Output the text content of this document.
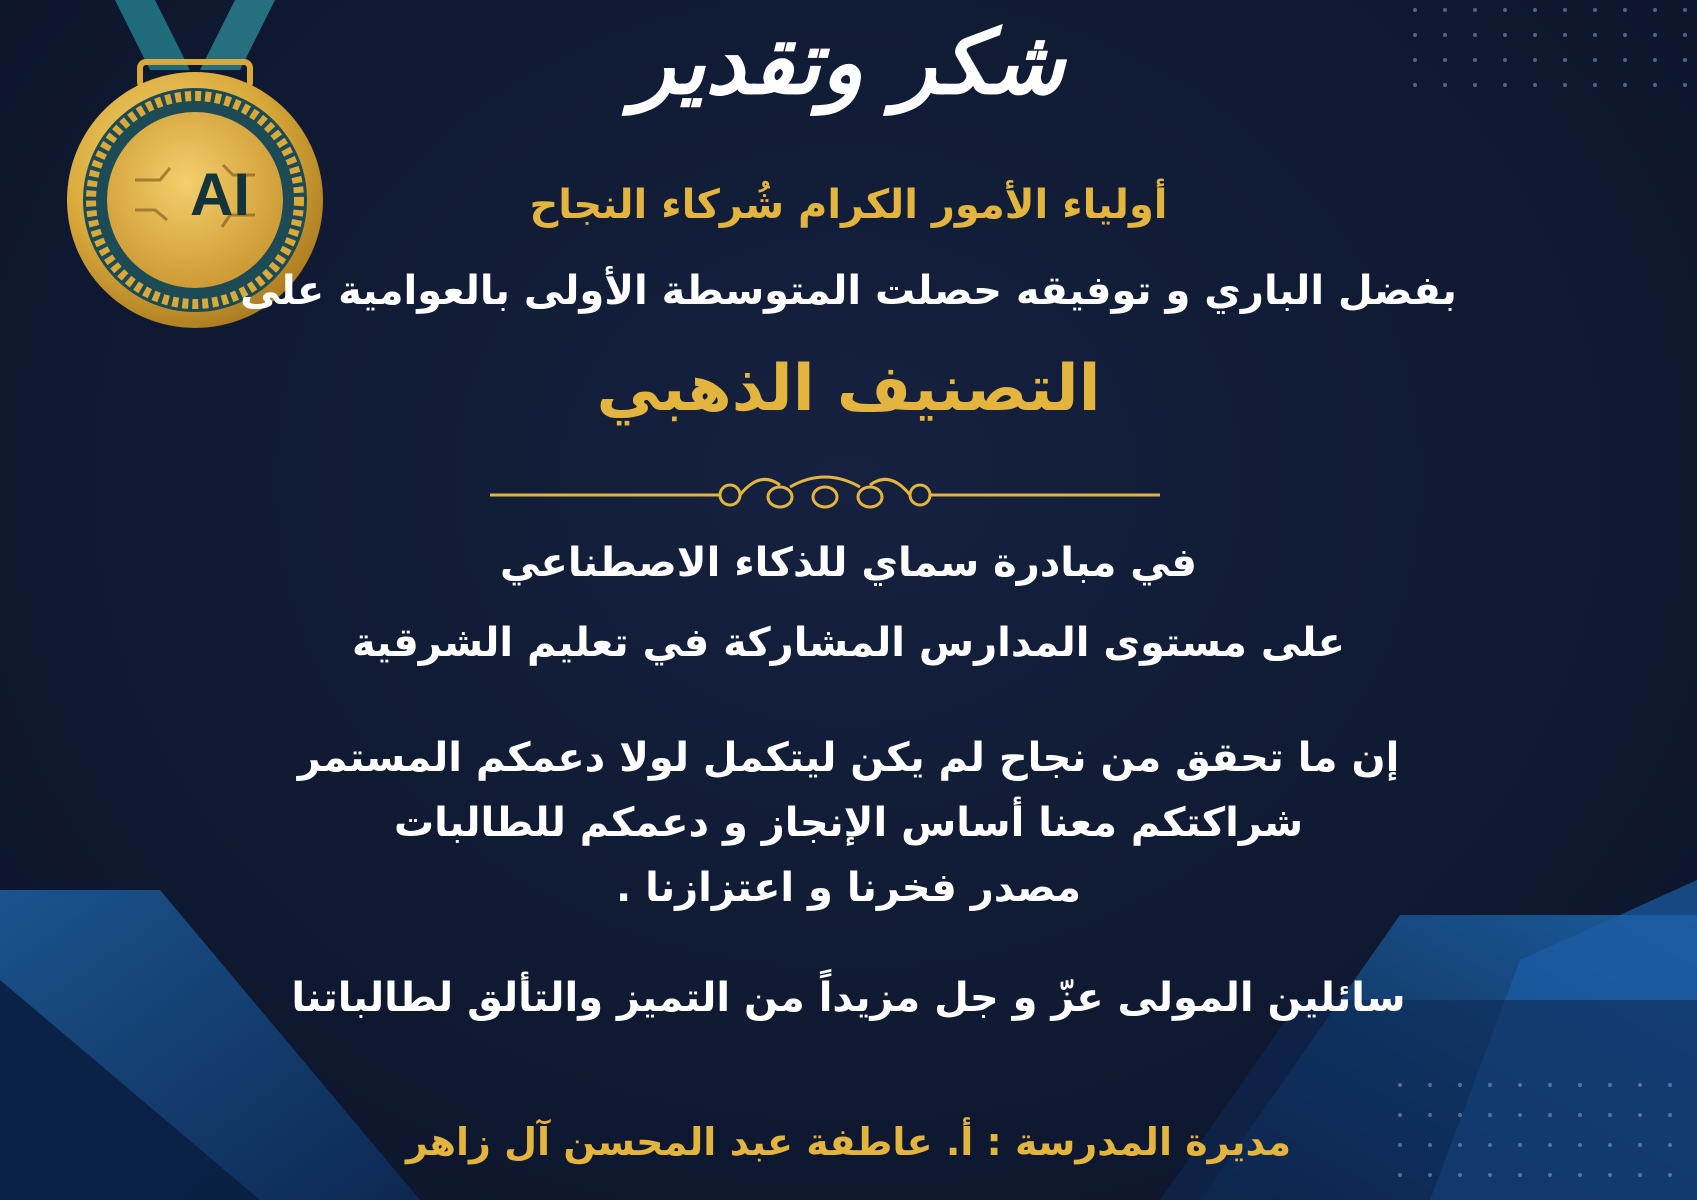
AI
شكر وتقدير
أولياء الأمور الكرام شُركاء النجاح
بفضل الباري و توفيقه حصلت المتوسطة الأولى بالعوامية على
التصنيف الذهبي
في مبادرة سماي للذكاء الاصطناعي
على مستوى المدارس المشاركة في تعليم الشرقية
إن ما تحقق من نجاح لم يكن ليتكمل لولا دعمكم المستمر
شراكتكم معنا أساس الإنجاز و دعمكم للطالبات
مصدر فخرنا و اعتزازنا .
سائلين المولى عزّ و جل مزيداً من التميز والتألق لطالباتنا
مديرة المدرسة : أ. عاطفة عبد المحسن آل زاهر
